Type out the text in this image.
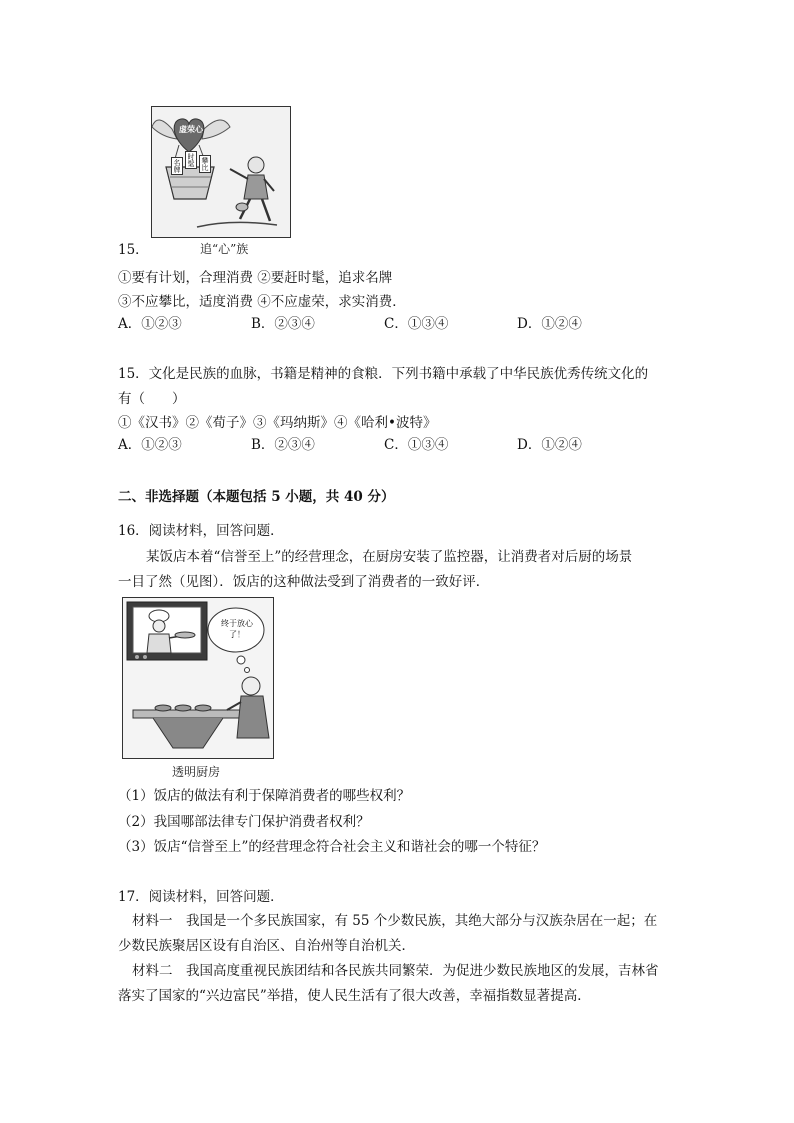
虚荣心
名牌 时髦 攀比
15．	追“心”族
①要有计划，合理消费 ②要赶时髦，追求名牌
③不应攀比，适度消费 ④不应虚荣，求实消费．
A．①②③	B．②③④	C．①③④	D．①②④
15．文化是民族的血脉，书籍是精神的食粮．下列书籍中承载了中华民族优秀传统文化的
有（　　）
①《汉书》②《荀子》③《玛纳斯》④《哈利•波特》
A．①②③	B．②③④	C．①③④	D．①②④
二、非选择题（本题包括 5 小题，共 40 分）
16．阅读材料，回答问题．
某饭店本着“信誉至上”的经营理念，在厨房安装了监控器，让消费者对后厨的场景
一目了然（见图）．饭店的这种做法受到了消费者的一致好评．
终于放心了！
透明厨房
（1）饭店的做法有利于保障消费者的哪些权利？
（2）我国哪部法律专门保护消费者权利？
（3）饭店“信誉至上”的经营理念符合社会主义和谐社会的哪一个特征？
17．阅读材料，回答问题．
材料一　我国是一个多民族国家，有 55 个少数民族，其绝大部分与汉族杂居在一起；在
少数民族聚居区设有自治区、自治州等自治机关．
材料二　我国高度重视民族团结和各民族共同繁荣．为促进少数民族地区的发展，吉林省
落实了国家的“兴边富民”举措，使人民生活有了很大改善，幸福指数显著提高．
